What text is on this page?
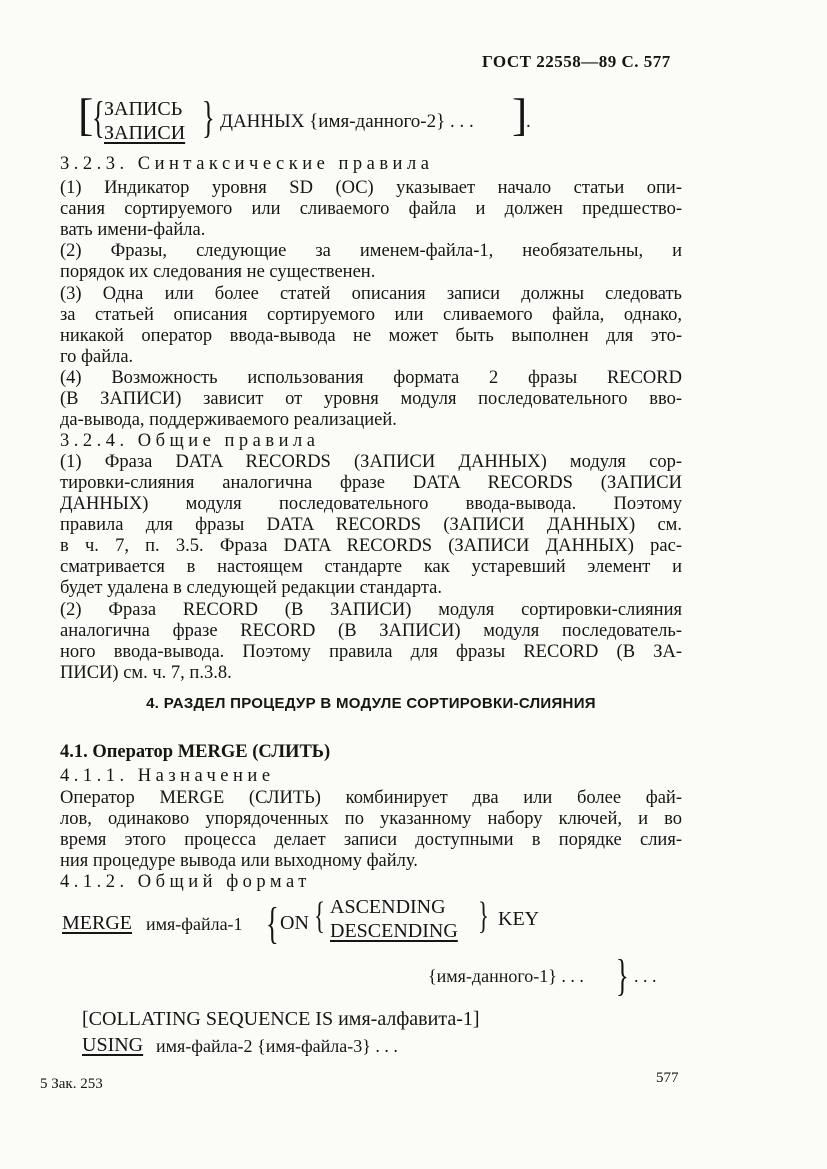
ГОСТ 22558—89 С. 577
[
{ ЗАПИСЬ
ЗАПИСИ } ДАННЫХ {имя-данного-2} . . . ]
.
3.2.3. Синтаксические правила
(1) Индикатор уровня SD (ОС) указывает начало статьи опи-
сания сортируемого или сливаемого файла и должен предшество-
вать имени-файла.
(2) Фразы, следующие за именем-файла-1, необязательны, и
порядок их следования не существенен.
(3) Одна или более статей описания записи должны следовать
за статьей описания сортируемого или сливаемого файла, однако,
никакой оператор ввода-вывода не может быть выполнен для это-
го файла.
(4) Возможность использования формата 2 фразы RECORD
(В ЗАПИСИ) зависит от уровня модуля последовательного вво-
да-вывода, поддерживаемого реализацией.
3.2.4. Общие правила
(1) Фраза DATA RECORDS (ЗАПИСИ ДАННЫХ) модуля сор-
тировки-слияния аналогична фразе DATA RECORDS (ЗАПИСИ
ДАННЫХ) модуля последовательного ввода-вывода. Поэтому
правила для фразы DATA RECORDS (ЗАПИСИ ДАННЫХ) см.
в ч. 7, п. 3.5. Фраза DATA RECORDS (ЗАПИСИ ДАННЫХ) рас-
сматривается в настоящем стандарте как устаревший элемент и
будет удалена в следующей редакции стандарта.
(2) Фраза RECORD (В ЗАПИСИ) модуля сортировки-слияния
аналогична фразе RECORD (В ЗАПИСИ) модуля последователь-
ного ввода-вывода. Поэтому правила для фразы RECORD (В ЗА-
ПИСИ) см. ч. 7, п.3.8.
4. РАЗДЕЛ ПРОЦЕДУР В МОДУЛЕ СОРТИРОВКИ-СЛИЯНИЯ
4.1. Оператор MERGE (СЛИТЬ)
4.1.1. Назначение
Оператор MERGE (СЛИТЬ) комбинирует два или более фай-
лов, одинаково упорядоченных по указанному набору ключей, и во
время этого процесса делает записи доступными в порядке слия-
ния процедуре вывода или выходному файлу.
4.1.2. Общий формат
MERGE имя-файла-1 { ON { ASCENDING
DESCENDING } KEY
{имя-данного-1} . . . } . . .
[COLLATING SEQUENCE IS имя-алфавита-1]
USING имя-файла-2 {имя-файла-3} . . .
5 Зак. 253	577
